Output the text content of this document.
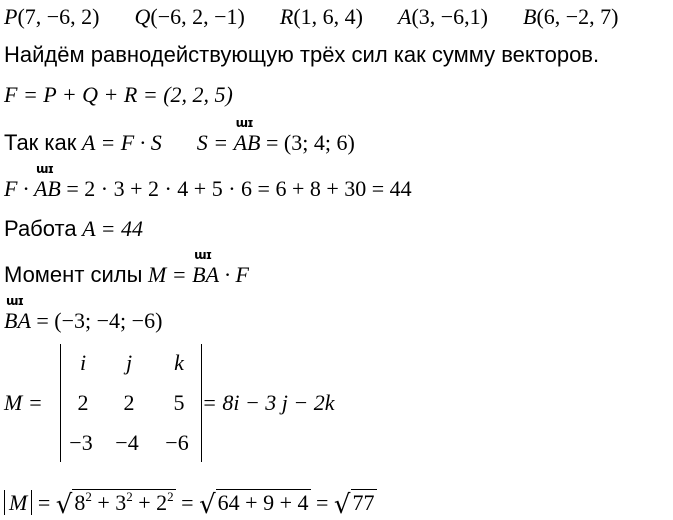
P(7, −6, 2) Q(−6, 2, −1) R(1, 6, 4) A(3, −6,1) B(6, −2, 7)
Найдём равнодействующую трёх сил как сумму векторов.
F = P + Q + R = (2, 2, 5)
Так как A = F · S S =
ɯɪ
AB = (3; 4; 6)
F ·
ɯɪ
AB = 2 · 3 + 2 · 4 + 5 · 6 = 6 + 8 + 30 = 44
Работа A = 44
Момент силы M =
ɯɪ
BA · F
ɯɪ
BA = (−3; −4; −6)
M =
i	j	k
2	2	5
−3	−4	−6
= 8i − 3 j − 2k
$M = √8^2 + 3^2 + 2^2 = √64 + 9 + 4 = √77$
